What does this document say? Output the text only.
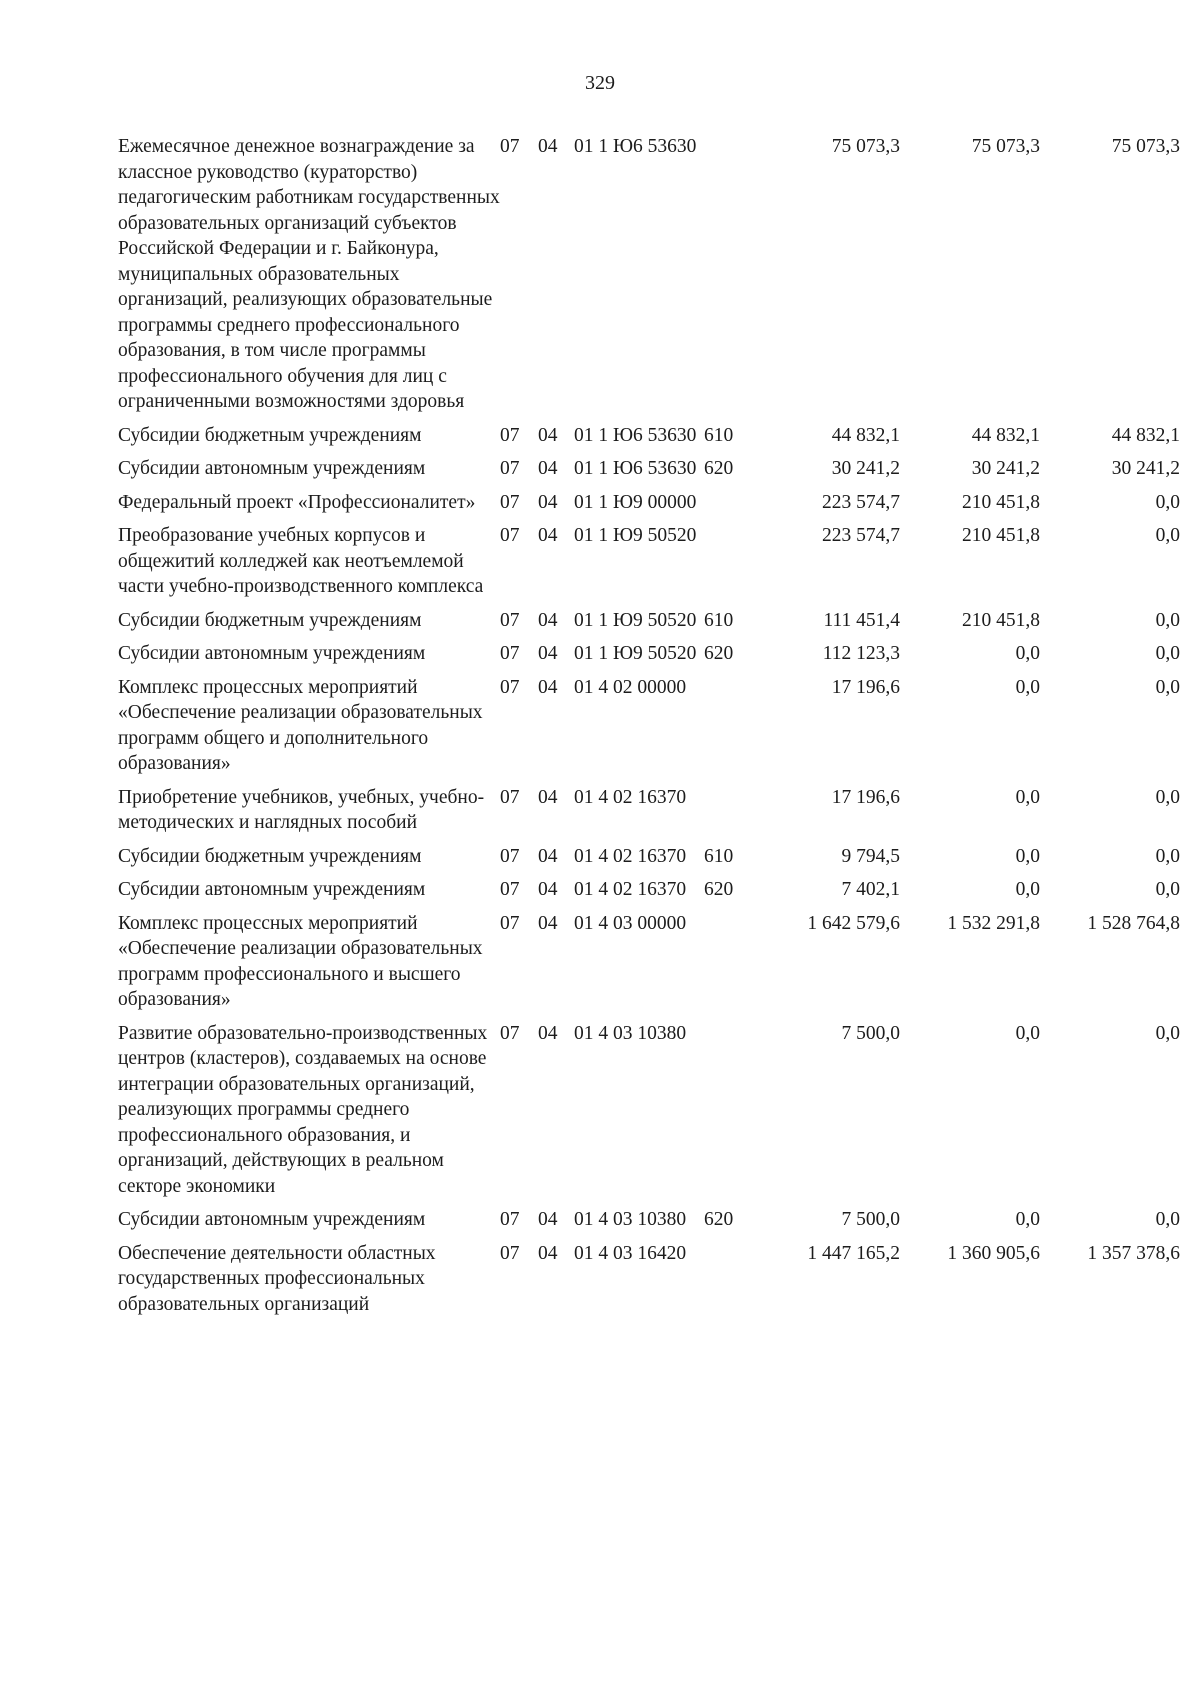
329
Ежемесячное денежное вознаграждение за классное руководство (кураторство) педагогическим работникам государственных образовательных организаций субъектов Российской Федерации и г. Байконура, муниципальных образовательных организаций, реализующих образовательные программы среднего профессионального образования, в том числе программы профессионального обучения для лиц с ограниченными возможностями здоровья	07	04	01 1 Ю6 53630		75 073,3	75 073,3	75 073,3
Субсидии бюджетным учреждениям	07	04	01 1 Ю6 53630	610	44 832,1	44 832,1	44 832,1
Субсидии автономным учреждениям	07	04	01 1 Ю6 53630	620	30 241,2	30 241,2	30 241,2
Федеральный проект «Профессионалитет»	07	04	01 1 Ю9 00000		223 574,7	210 451,8	0,0
Преобразование учебных корпусов и общежитий колледжей как неотъемлемой части учебно-производственного комплекса	07	04	01 1 Ю9 50520		223 574,7	210 451,8	0,0
Субсидии бюджетным учреждениям	07	04	01 1 Ю9 50520	610	111 451,4	210 451,8	0,0
Субсидии автономным учреждениям	07	04	01 1 Ю9 50520	620	112 123,3	0,0	0,0
Комплекс процессных мероприятий «Обеспечение реализации образовательных программ общего и дополнительного образования»	07	04	01 4 02 00000		17 196,6	0,0	0,0
Приобретение учебников, учебных, учебно-методических и наглядных пособий	07	04	01 4 02 16370		17 196,6	0,0	0,0
Субсидии бюджетным учреждениям	07	04	01 4 02 16370	610	9 794,5	0,0	0,0
Субсидии автономным учреждениям	07	04	01 4 02 16370	620	7 402,1	0,0	0,0
Комплекс процессных мероприятий «Обеспечение реализации образовательных программ профессионального и высшего образования»	07	04	01 4 03 00000		1 642 579,6	1 532 291,8	1 528 764,8
Развитие образовательно-производственных центров (кластеров), создаваемых на основе интеграции образовательных организаций, реализующих программы среднего профессионального образования, и организаций, действующих в реальном секторе экономики	07	04	01 4 03 10380		7 500,0	0,0	0,0
Субсидии автономным учреждениям	07	04	01 4 03 10380	620	7 500,0	0,0	0,0
Обеспечение деятельности областных государственных профессиональных образовательных организаций	07	04	01 4 03 16420		1 447 165,2	1 360 905,6	1 357 378,6
